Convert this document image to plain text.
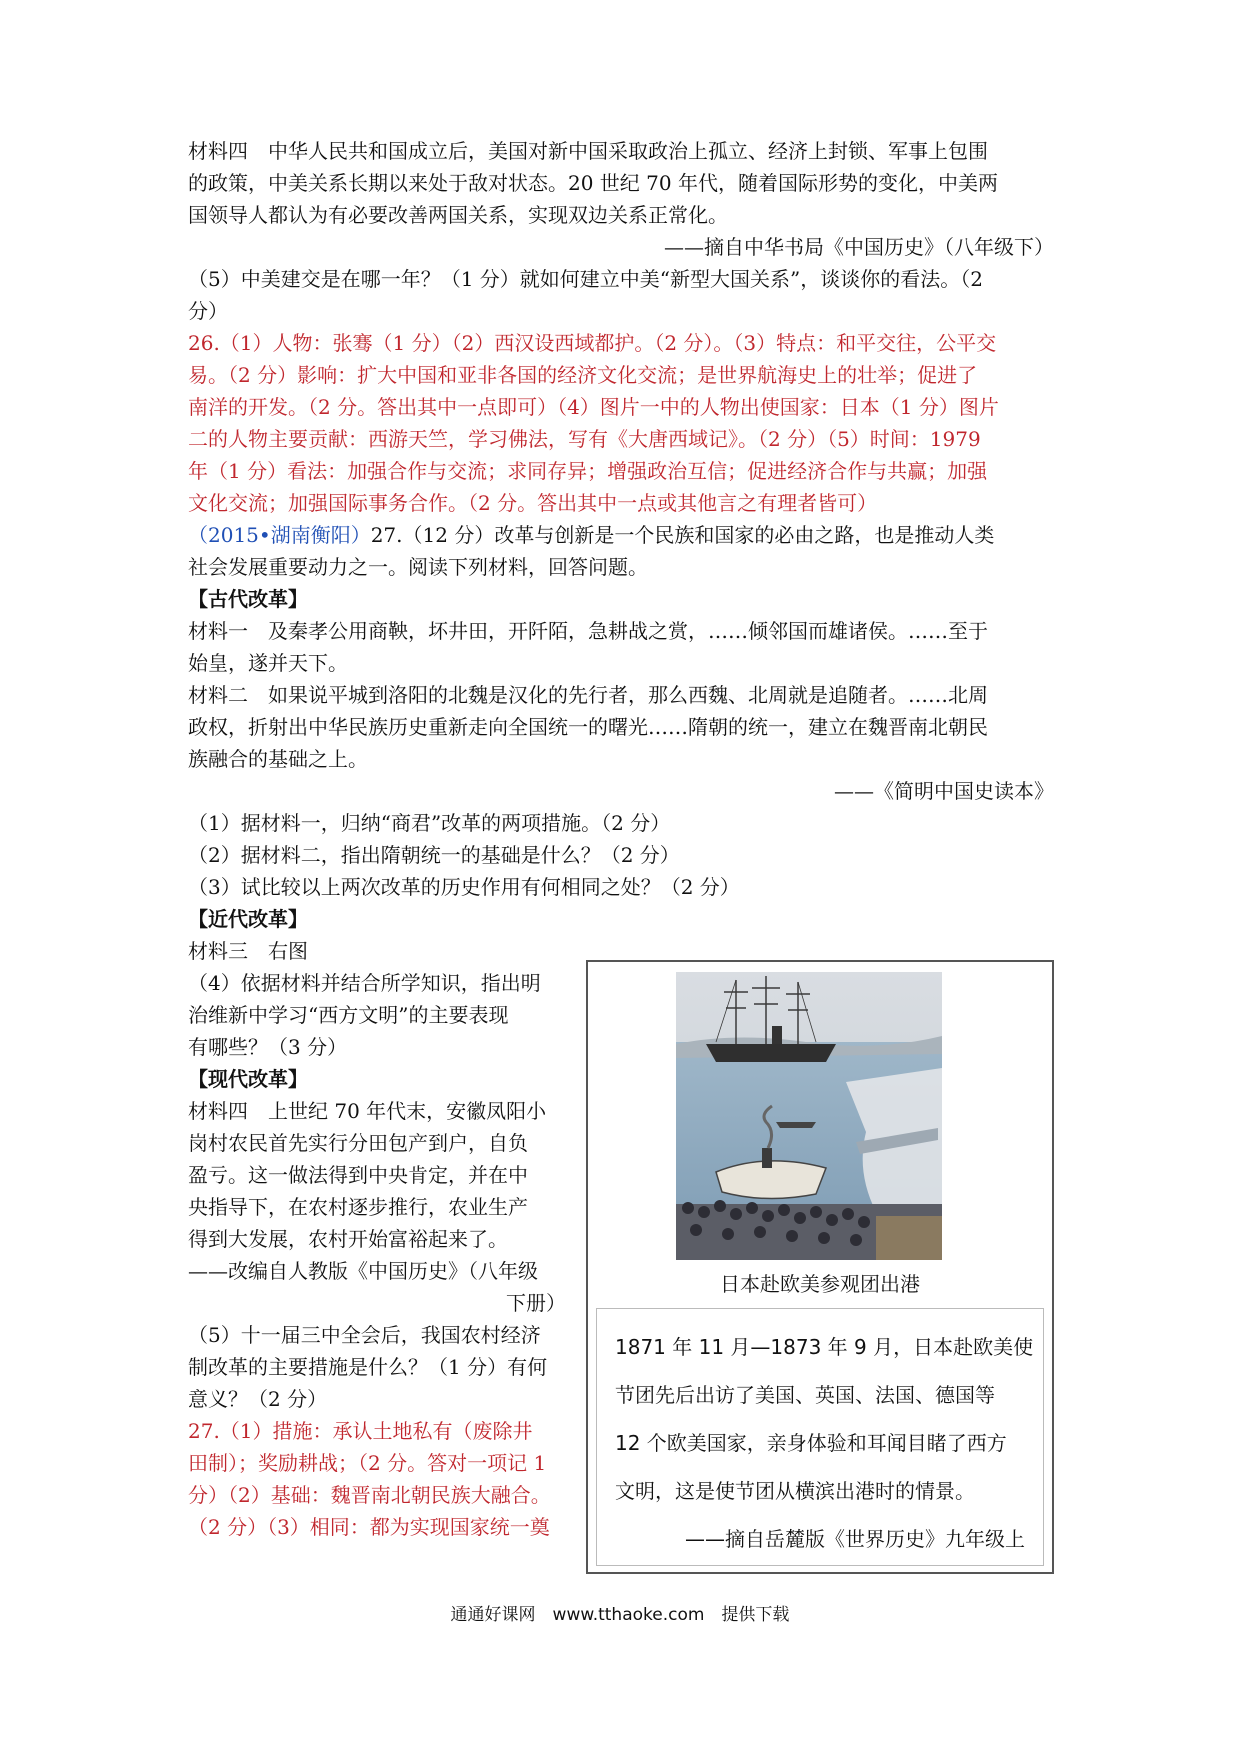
材料四　中华人民共和国成立后，美国对新中国采取政治上孤立、经济上封锁、军事上包围
的政策，中美关系长期以来处于敌对状态。20 世纪 70 年代，随着国际形势的变化，中美两
国领导人都认为有必要改善两国关系，实现双边关系正常化。
——摘自中华书局《中国历史》（八年级下）
（5）中美建交是在哪一年？（1 分）就如何建立中美“新型大国关系”，谈谈你的看法。（2
分）
26.（1）人物：张骞（1 分）（2）西汉设西域都护。（2 分）。（3）特点：和平交往，公平交
易。（2 分）影响：扩大中国和亚非各国的经济文化交流；是世界航海史上的壮举；促进了
南洋的开发。（2 分。答出其中一点即可）（4）图片一中的人物出使国家：日本（1 分）图片
二的人物主要贡献：西游天竺，学习佛法，写有《大唐西域记》。（2 分）（5）时间：1979
年（1 分）看法：加强合作与交流；求同存异；增强政治互信；促进经济合作与共赢；加强
文化交流；加强国际事务合作。（2 分。答出其中一点或其他言之有理者皆可）
（2015•湖南衡阳）27.（12 分）改革与创新是一个民族和国家的必由之路，也是推动人类
社会发展重要动力之一。阅读下列材料，回答问题。
【古代改革】
材料一　及秦孝公用商鞅，坏井田，开阡陌，急耕战之赏，……倾邻国而雄诸侯。……至于
始皇，遂并天下。
材料二　如果说平城到洛阳的北魏是汉化的先行者，那么西魏、北周就是追随者。……北周
政权，折射出中华民族历史重新走向全国统一的曙光……隋朝的统一，建立在魏晋南北朝民
族融合的基础之上。
——《简明中国史读本》
（1）据材料一，归纳“商君”改革的两项措施。（2 分）
（2）据材料二，指出隋朝统一的基础是什么？（2 分）
（3）试比较以上两次改革的历史作用有何相同之处？（2 分）
【近代改革】
材料三　右图
（4）依据材料并结合所学知识，指出明
治维新中学习“西方文明”的主要表现
有哪些？（3 分）
【现代改革】
材料四　上世纪 70 年代末，安徽凤阳小
岗村农民首先实行分田包产到户，自负
盈亏。这一做法得到中央肯定，并在中
央指导下，在农村逐步推行，农业生产
得到大发展，农村开始富裕起来了。
——改编自人教版《中国历史》（八年级
下册）
（5）十一届三中全会后，我国农村经济
制改革的主要措施是什么？（1 分）有何
意义？（2 分）
27.（1）措施：承认土地私有（废除井
田制）；奖励耕战；（2 分。答对一项记 1
分）（2）基础：魏晋南北朝民族大融合。
（2 分）（3）相同：都为实现国家统一奠
日本赴欧美参观团出港
1871 年 11 月—1873 年 9 月，日本赴欧美使
节团先后出访了美国、英国、法国、德国等
12 个欧美国家，亲身体验和耳闻目睹了西方
文明，这是使节团从横滨出港时的情景。
——摘自岳麓版《世界历史》九年级上
通通好课网　www.tthaoke.com　提供下载
